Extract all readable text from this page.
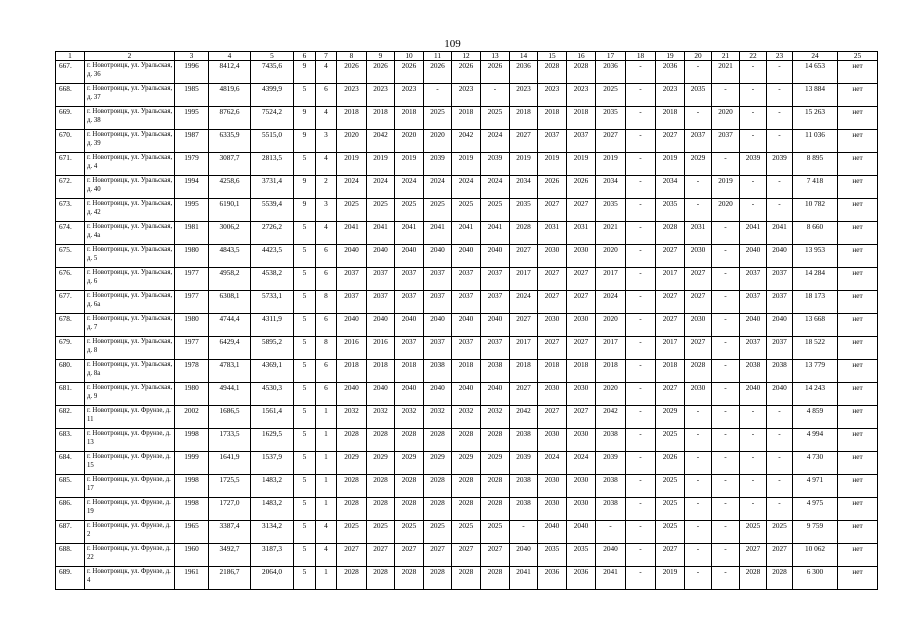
109
1	2	3	4	5	6	7	8	9	10	11	12	13	14	15	16	17	18	19	20	21	22	23	24	25
667.	г. Новотроицк, ул. Уральская, д. 36	1996	8412,4	7435,6	9	4	2026	2026	2026	2026	2026	2026	2036	2028	2028	2036	-	2036	-	2021	-	-	14 653	нет
668.	г. Новотроицк, ул. Уральская, д. 37	1985	4819,6	4399,9	5	6	2023	2023	2023	-	2023	-	2023	2023	2023	2025	-	2023	2035	-	-	-	13 884	нет
669.	г. Новотроицк, ул. Уральская, д. 38	1995	8762,6	7524,2	9	4	2018	2018	2018	2025	2018	2025	2018	2018	2018	2035	-	2018	-	2020	-	-	15 263	нет
670.	г. Новотроицк, ул. Уральская, д. 39	1987	6335,9	5515,0	9	3	2020	2042	2020	2020	2042	2024	2027	2037	2037	2027	-	2027	2037	2037	-	-	11 036	нет
671.	г. Новотроицк, ул. Уральская, д. 4	1979	3087,7	2813,5	5	4	2019	2019	2019	2039	2019	2039	2019	2019	2019	2019	-	2019	2029	-	2039	2039	8 895	нет
672.	г. Новотроицк, ул. Уральская, д. 40	1994	4258,6	3731,4	9	2	2024	2024	2024	2024	2024	2024	2034	2026	2026	2034	-	2034	-	2019	-	-	7 418	нет
673.	г. Новотроицк, ул. Уральская, д. 42	1995	6190,1	5539,4	9	3	2025	2025	2025	2025	2025	2025	2035	2027	2027	2035	-	2035	-	2020	-	-	10 782	нет
674.	г. Новотроицк, ул. Уральская, д. 4а	1981	3006,2	2726,2	5	4	2041	2041	2041	2041	2041	2041	2028	2031	2031	2021	-	2028	2031	-	2041	2041	8 660	нет
675.	г. Новотроицк, ул. Уральская, д. 5	1980	4843,5	4423,5	5	6	2040	2040	2040	2040	2040	2040	2027	2030	2030	2020	-	2027	2030	-	2040	2040	13 953	нет
676.	г. Новотроицк, ул. Уральская, д. 6	1977	4958,2	4538,2	5	6	2037	2037	2037	2037	2037	2037	2017	2027	2027	2017	-	2017	2027	-	2037	2037	14 284	нет
677.	г. Новотроицк, ул. Уральская, д. 6а	1977	6308,1	5733,1	5	8	2037	2037	2037	2037	2037	2037	2024	2027	2027	2024	-	2027	2027	-	2037	2037	18 173	нет
678.	г. Новотроицк, ул. Уральская, д. 7	1980	4744,4	4311,9	5	6	2040	2040	2040	2040	2040	2040	2027	2030	2030	2020	-	2027	2030	-	2040	2040	13 668	нет
679.	г. Новотроицк, ул. Уральская, д. 8	1977	6429,4	5895,2	5	8	2016	2016	2037	2037	2037	2037	2017	2027	2027	2017	-	2017	2027	-	2037	2037	18 522	нет
680.	г. Новотроицк, ул. Уральская, д. 8а	1978	4783,1	4369,1	5	6	2018	2018	2018	2038	2018	2038	2018	2018	2018	2018	-	2018	2028	-	2038	2038	13 779	нет
681.	г. Новотроицк, ул. Уральская, д. 9	1980	4944,1	4530,3	5	6	2040	2040	2040	2040	2040	2040	2027	2030	2030	2020	-	2027	2030	-	2040	2040	14 243	нет
682.	г. Новотроицк, ул. Фрунзе, д. 11	2002	1686,5	1561,4	5	1	2032	2032	2032	2032	2032	2032	2042	2027	2027	2042	-	2029	-	-	-	-	4 859	нет
683.	г. Новотроицк, ул. Фрунзе, д. 13	1998	1733,5	1629,5	5	1	2028	2028	2028	2028	2028	2028	2038	2030	2030	2038	-	2025	-	-	-	-	4 994	нет
684.	г. Новотроицк, ул. Фрунзе, д. 15	1999	1641,9	1537,9	5	1	2029	2029	2029	2029	2029	2029	2039	2024	2024	2039	-	2026	-	-	-	-	4 730	нет
685.	г. Новотроицк, ул. Фрунзе, д. 17	1998	1725,5	1483,2	5	1	2028	2028	2028	2028	2028	2028	2038	2030	2030	2038	-	2025	-	-	-	-	4 971	нет
686.	г. Новотроицк, ул. Фрунзе, д. 19	1998	1727,0	1483,2	5	1	2028	2028	2028	2028	2028	2028	2038	2030	2030	2038	-	2025	-	-	-	-	4 975	нет
687.	г. Новотроицк, ул. Фрунзе, д. 2	1965	3387,4	3134,2	5	4	2025	2025	2025	2025	2025	2025	-	2040	2040	-	-	2025	-	-	2025	2025	9 759	нет
688.	г. Новотроицк, ул. Фрунзе, д. 22	1960	3492,7	3187,3	5	4	2027	2027	2027	2027	2027	2027	2040	2035	2035	2040	-	2027	-	-	2027	2027	10 062	нет
689.	г. Новотроицк, ул. Фрунзе, д. 4	1961	2186,7	2064,0	5	1	2028	2028	2028	2028	2028	2028	2041	2036	2036	2041	-	2019	-	-	2028	2028	6 300	нет
